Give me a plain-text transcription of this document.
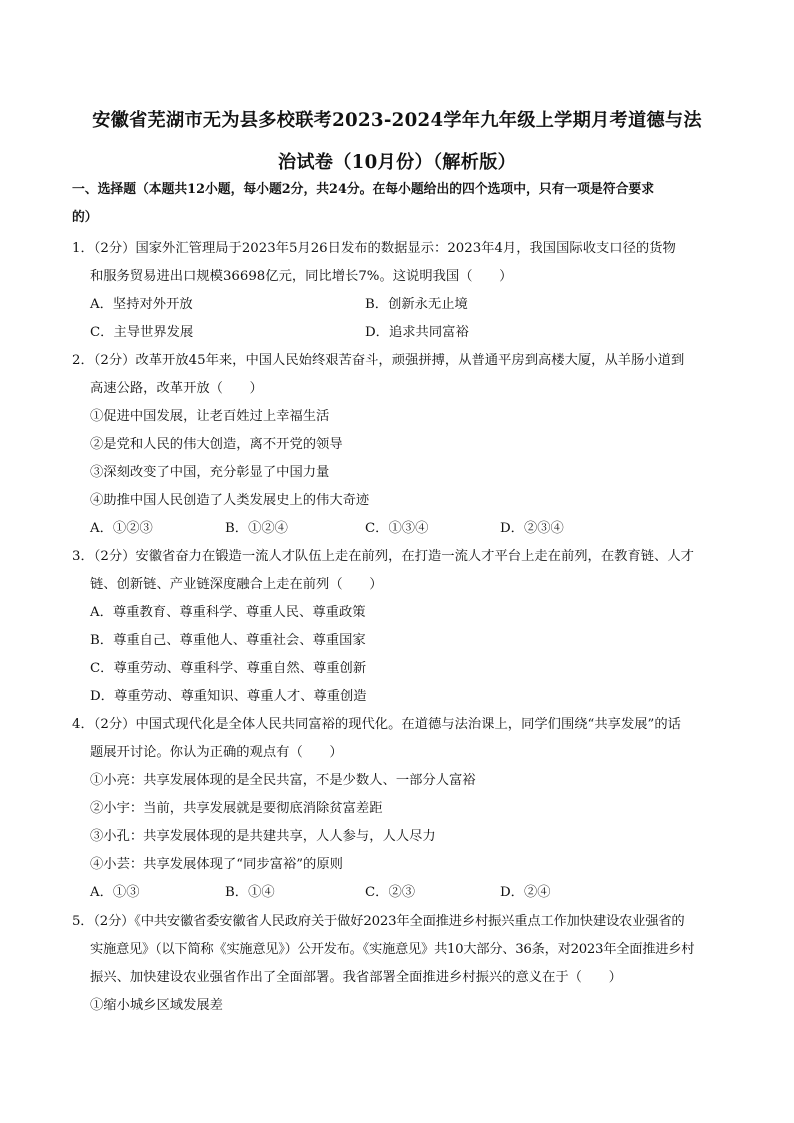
安徽省芜湖市无为县多校联考2023-2024学年九年级上学期月考道德与法
治试卷（10月份）（解析版）
一、选择题（本题共12小题，每小题2分，共24分。在每小题给出的四个选项中，只有一项是符合要求
的）
1．（2分）国家外汇管理局于2023年5月26日发布的数据显示：2023年4月，我国国际收支口径的货物
和服务贸易进出口规模36698亿元，同比增长7%。这说明我国（　　）
A．坚持对外开放	B．创新永无止境
C．主导世界发展	D．追求共同富裕
2．（2分）改革开放45年来，中国人民始终艰苦奋斗，顽强拼搏，从普通平房到高楼大厦，从羊肠小道到
高速公路，改革开放（　　）
①促进中国发展，让老百姓过上幸福生活
②是党和人民的伟大创造，离不开党的领导
③深刻改变了中国，充分彰显了中国力量
④助推中国人民创造了人类发展史上的伟大奇迹
A．①②③	B．①②④	C．①③④	D．②③④
3．（2分）安徽省奋力在锻造一流人才队伍上走在前列，在打造一流人才平台上走在前列，在教育链、人才
链、创新链、产业链深度融合上走在前列（　　）
A．尊重教育、尊重科学、尊重人民、尊重政策
B．尊重自己、尊重他人、尊重社会、尊重国家
C．尊重劳动、尊重科学、尊重自然、尊重创新
D．尊重劳动、尊重知识、尊重人才、尊重创造
4．（2分）中国式现代化是全体人民共同富裕的现代化。在道德与法治课上，同学们围绕“共享发展”的话
题展开讨论。你认为正确的观点有（　　）
①小亮：共享发展体现的是全民共富，不是少数人、一部分人富裕
②小宇：当前，共享发展就是要彻底消除贫富差距
③小孔：共享发展体现的是共建共享，人人参与，人人尽力
④小芸：共享发展体现了“同步富裕”的原则
A．①③	B．①④	C．②③	D．②④
5．（2分）《中共安徽省委安徽省人民政府关于做好2023年全面推进乡村振兴重点工作加快建设农业强省的
实施意见》（以下简称《实施意见》）公开发布。《实施意见》共10大部分、36条，对2023年全面推进乡村
振兴、加快建设农业强省作出了全面部署。我省部署全面推进乡村振兴的意义在于（　　）
①缩小城乡区域发展差
